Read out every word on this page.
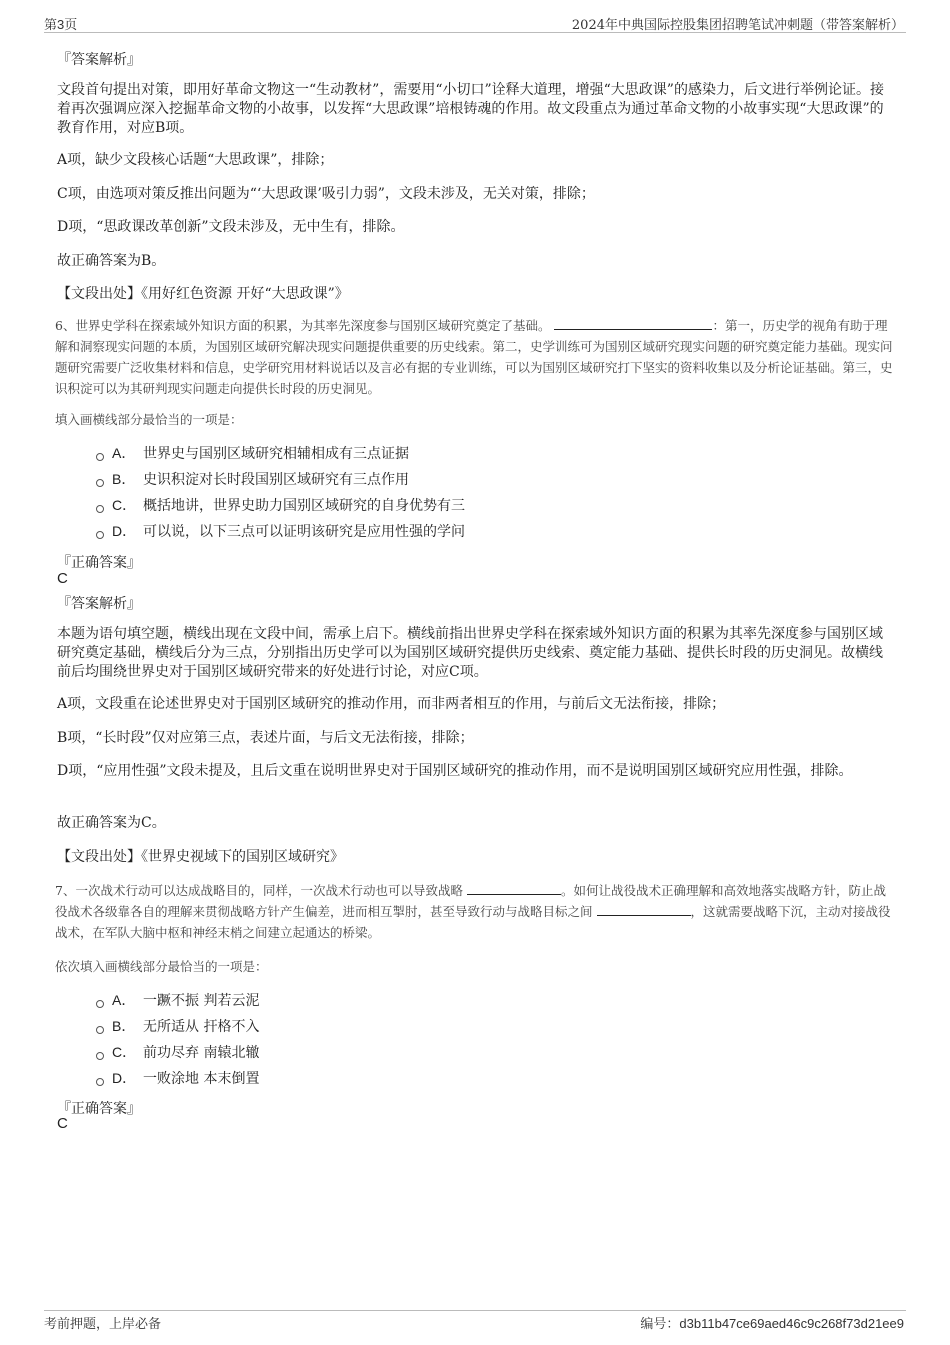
第3页	2024年中典国际控股集团招聘笔试冲刺题（带答案解析）
『答案解析』
文段首句提出对策，即用好革命文物这一“生动教材”，需要用“小切口”诠释大道理，增强“大思政课”的感染力，后文进行举例论证。接着再次强调应深入挖掘革命文物的小故事，以发挥“大思政课”培根铸魂的作用。故文段重点为通过革命文物的小故事实现“大思政课”的教育作用，对应B项。
A项，缺少文段核心话题“大思政课”，排除；
C项，由选项对策反推出问题为“‘大思政课’吸引力弱”，文段未涉及，无关对策，排除；
D项，“思政课改革创新”文段未涉及，无中生有，排除。
故正确答案为B。
【文段出处】《用好红色资源 开好“大思政课”》
6、世界史学科在探索域外知识方面的积累，为其率先深度参与国别区域研究奠定了基础。	：第一，历史学的视角有助于理解和洞察现实问题的本质，为国别区域研究解决现实问题提供重要的历史线索。第二，史学训练可为国别区域研究现实问题的研究奠定能力基础。现实问题研究需要广泛收集材料和信息，史学研究用材料说话以及言必有据的专业训练，可以为国别区域研究打下坚实的资料收集以及分析论证基础。第三，史识积淀可以为其研判现实问题走向提供长时段的历史洞见。
填入画横线部分最恰当的一项是：
A． 世界史与国别区域研究相辅相成有三点证据
B． 史识积淀对长时段国别区域研究有三点作用
C． 概括地讲，世界史助力国别区域研究的自身优势有三
D． 可以说，以下三点可以证明该研究是应用性强的学问
『正确答案』
C
『答案解析』
本题为语句填空题，横线出现在文段中间，需承上启下。横线前指出世界史学科在探索域外知识方面的积累为其率先深度参与国别区域研究奠定基础，横线后分为三点，分别指出历史学可以为国别区域研究提供历史线索、奠定能力基础、提供长时段的历史洞见。故横线前后均围绕世界史对于国别区域研究带来的好处进行讨论，对应C项。
A项，文段重在论述世界史对于国别区域研究的推动作用，而非两者相互的作用，与前后文无法衔接，排除；
B项，“长时段”仅对应第三点，表述片面，与后文无法衔接，排除；
D项，“应用性强”文段未提及，且后文重在说明世界史对于国别区域研究的推动作用，而不是说明国别区域研究应用性强，排除。
故正确答案为C。
【文段出处】《世界史视域下的国别区域研究》
7、一次战术行动可以达成战略目的，同样，一次战术行动也可以导致战略	。如何让战役战术正确理解和高效地落实战略方针，防止战役战术各级靠各自的理解来贯彻战略方针产生偏差，进而相互掣肘，甚至导致行动与战略目标之间	，这就需要战略下沉，主动对接战役战术，在军队大脑中枢和神经末梢之间建立起通达的桥梁。
依次填入画横线部分最恰当的一项是：
A． 一蹶不振 判若云泥
B． 无所适从 扞格不入
C． 前功尽弃 南辕北辙
D． 一败涂地 本末倒置
『正确答案』
C
考前押题，上岸必备	编号：d3b11b47ce69aed46c9c268f73d21ee9
